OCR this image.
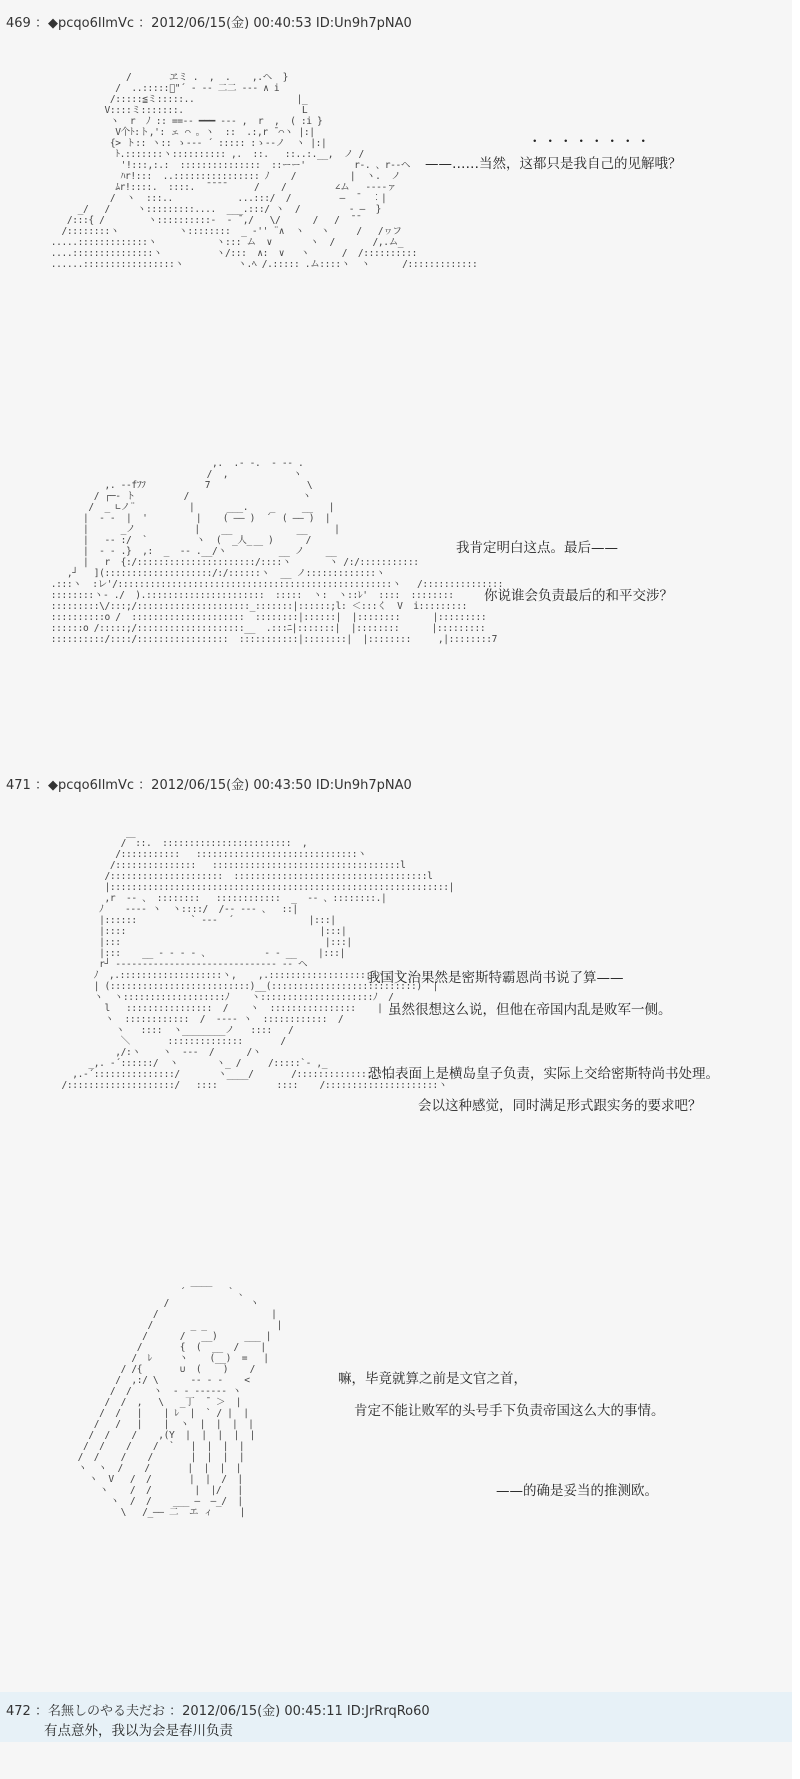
469 ：◆pcqo6IlmVc ：2012/06/15(金) 00:40:53 ID:Un9h7pNA0
/       ヱミ .  ,  .    ,.ヘ  }
/  ..:::::ﾞ"´ ‐ ‐‐ 二二 ‐-‐ ∧ i
/:::::≦ミ:::::..                   |_
V::::ミ:::::::.                      L
ヽ  r  ﾉ :: ==‐‐ ━━━ -‐‐ ,  r  ,  ( :i }
V个ﾄ:ト,': ェ ⌒ 。ヽ  ::  .:,r ̄ ⌒ヽ |:|
{> ト:: ヽ:: ゝ--‐ ´ ::::: :ゝ--ノ  ヽ |:|
ﾄ.:::::::ヽ:::::::::: ,.  ::.   ::..:.__,  ノ /
'!:::,:.:  :::::::::::::::  ::ーー'         r‐. 、r‐‐ヘ
ﾊr!:::  ..:::::::::::::::: ﾉ    /          |  ヽ.  ノ
ﾑr!::::.  ::::.  ̄ ̄ ̄ ̄      /    /         ∠ム   ‐‐‐‐ァ
/  ヽ  :::..            ...:::/  /         ―  ̄   ︰|
_/   /     ヽ:::::::::....  ___.:::/ ヽ  /         ‐ ―  }
/:::{ /        ヽ::::::::::-  ‐ ̄ ,/   \/      /   /  ̄ ̄
/::::::::ヽ           ヽ::::::::  _ -'' ¨∧  ヽ   ヽ     /   /ヮフ
.....:::::::::::::ヽ           ヽ::: ム  ∨       ヽ  /       /,.ム_
....:::::::::::::::ヽ          ヽ/:::  ∧:  ∨   ヽ      /  /::::::::::
......:::::::::::::::::ヽ          ヽ.ﾍ /.::::: .ム::::ヽ  ヽ      /:::::::::::::
・・・・・・・・
——……当然，这都只是我自己的见解哦？
,.  .- -.  ‐ -- .
/  ,            ヽ
,. -‐fﾌﾌ           7                  \
/ ┌─‐ ト         /                     ヽ
/  _ ∟ノ¨          |      ___.    _     __   |
|  ‐ ‐  |  '         |    ( ―― )  ´  ( ―― )  |
|      _ノ           |    __            __     |
|   ‐‐ :/  `         ヽ  (  _人_   )      /
|  ‐ ‐ .}  ,:  _  ‐‐ .__/ヽ     ￣   __ ノ    __
|   r  {:/::::::::::::::::::::::/::::ヽ       ヽ /:/:::::::::::
,┘   ](::::::::::::::::::::/:/::::::ヽ  __ ノ:::::::::::::ヽ
.:::ヽ  :レ'/:::::::::::::::::::::::::::::::::::::::::::::::::::ヽ   /:::::::::::::::
::::::::ヽ‐ ./  ).::::::::::::::::::::::  :::::  ヽ:  ヽ::ﾚ'  ::::  ::::::::
:::::::::\/:::;/:::::::::::::::::::::_:::::::|::::::;l: ＜:::く  V  i:::::::::
::::::::::o /  :::::::::::::::::::::  ::::::::|::::::|  |::::::::      |:::::::::
::::::o /:::::;/::::::::::::::::::::__  .:::ﾆ|:::::::|  |::::::::      |:::::::::
::::::::::/::::/:::::::::::::::::  :::::::::::|::::::::|  |::::::::     ,|::::::::7
我肯定明白这点。最后——
你说谁会负责最后的和平交涉？
471 ：◆pcqo6IlmVc ：2012/06/15(金) 00:43:50 ID:Un9h7pNA0
/￣::.  ::::::::::::::::::::::::  ,
/:::::::::::   ::::::::::::::::::::::::::::::ヽ
/:::::::::::::::   :::::::::::::::::::::::::::::::::::l
/:::::::::::::::::::::  ::::::::::::::::::::::::::::::::::::l
|:::::::::::::::::::::::::::::::::::::::::::::::::::::::::::::::|
,r  ‐‐ 、 ::::::::   ::::::::::::  _  ‐‐ 、::::::::.|
ﾉ    ‐‐‐‐ ヽ  ヽ::::/  /‐‐ ‐‐‐ 、  ::|
|::::::          ` ‐‐‐  ´              |:::|
|::::                                    |:::|
|:::                                      |:::|
|:::    __ - ‐ ‐ ‐ 、          ‐ - __    |:::|
r┘ ‐‐‐‐‐‐‐‐‐‐‐‐‐‐‐‐‐‐‐‐‐‐‐‐‐‐‐‐‐‐ ‐‐ ヘ
ﾉ  ,.:::::::::::::::::::ヽ,    ,.::::::::::::::::::::ヽ  l
| (::::::::::::::::::::::::::)__(:::::::::::::::::::::::::::)  |
ヽ  ヽ:::::::::::::::::::ﾉ    ヽ:::::::::::::::::::::ﾉ  /
l   ::::::::::::::::  /    ヽ  ::::::::::::::::    |
ヽ  ::::::::::::  /  ‐‐‐‐ ヽ  ::::::::::::  /
ヽ   ::::  ヽ________ノ   ::::   /
＼       ::::::::::::::       /
,/:ヽ    ヽ  ‐‐‐  /      /ヽ
_,. ‐´::::::/  ヽ       ヽ_ /     /:::::`‐ ,_
,.‐´:::::::::::::::/       ヽ____/       /:::::::::::::::`‐,
/::::::::::::::::::::/   ::::           ::::    /:::::::::::::::::::::ヽ
我国文治果然是密斯特霸恩尚书说了算——
虽然很想这么说，但他在帝国内乱是败军一侧。
恐怕表面上是横岛皇子负责，实际上交给密斯特尚书处理。
会以这种感觉，同时满足形式跟实务的要求吧？
____
´        ` 、
/               ヽ
/                     |
/       _ _             |
/      /   __)     ___ |
/       {  (  __  /    |
/  ﾚ     ヽ    (__)  =   |
/ /{       ∪  (    )    /
/  ,:/ \      ‐‐ ‐ ‐    <
/  /    ヽ  ‐ ‐ ‐‐‐‐‐‐ ヽ
/  /  ,   \   _丁  ̄  ＞  |
/  /   |    | ﾚ  |  ` / |  |
/   /   |    |  ヽ  |  |  |  |
/  /    /    ,(Y  |  |  |  |  |
/  /    /    /  `   |  |  |  |
/  /    /    /       |  |  |  |
ヽ  ヽ  /    /       |  |  |  |
ヽ  V   /  /       |  |  /  |
ヽ    /  /        |  |/   |
ヽ  /  /    ___ ―  ―_/  |
\   /_―― 二  エ ィ     |
嘛，毕竟就算之前是文官之首，
肯定不能让败军的头号手下负责帝国这么大的事情。
——的确是妥当的推测欧。
472 ：名無しのやる夫だお ：2012/06/15(金) 00:45:11 ID:JrRrqRo60
有点意外，我以为会是春川负责
